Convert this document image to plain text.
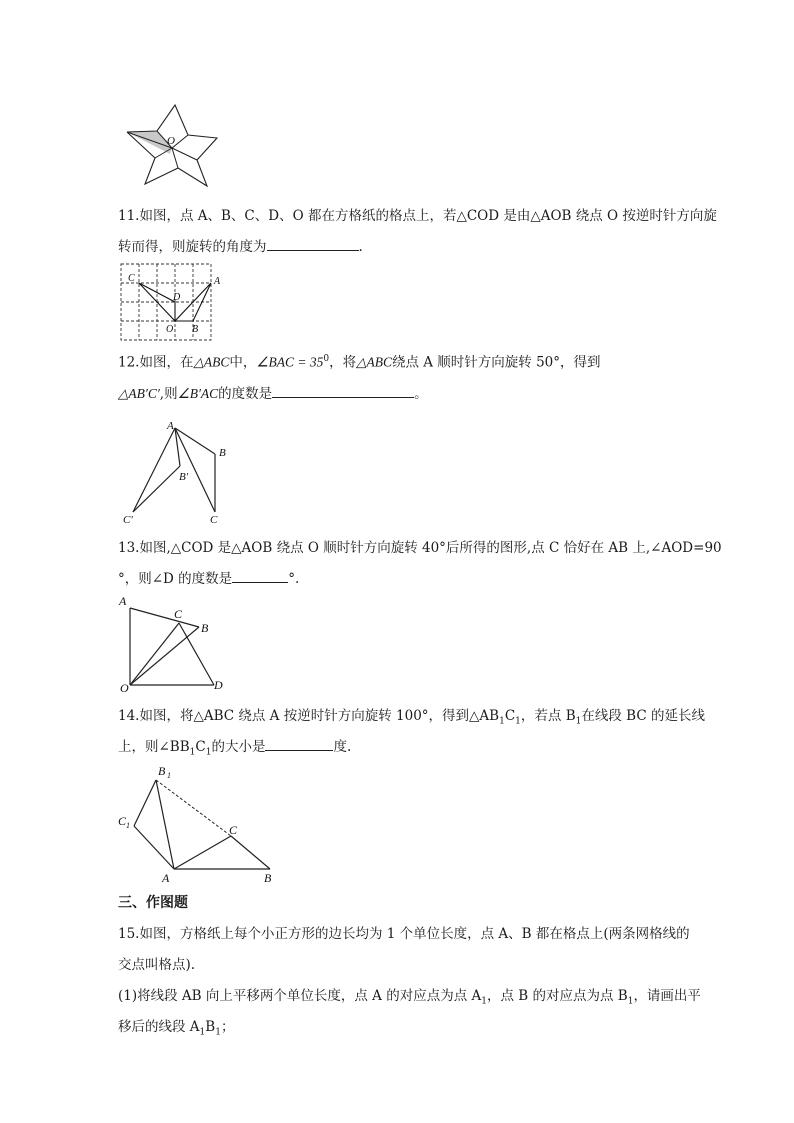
O
11.如图，点 A、B、C、D、O 都在方格纸的格点上，若△COD 是由△AOB 绕点 O 按逆时针方向旋
转而得，则旋转的角度为	.
C	A
D
O B
12.如图，在△ABC中，∠BAC = $35^0$，将△ABC绕点 A 顺时针方向旋转 50°，得到
△AB′C′,则∠B′AC的度数是	。
A
B
B'
C'	C
13.如图,△COD 是△AOB 绕点 O 顺时针方向旋转 40°后所得的图形,点 C 恰好在 AB 上,∠AOD=90
°，则∠D 的度数是	°.
A
C
B
O	D
14.如图，将△ABC 绕点 A 按逆时针方向旋转 100°，得到$\triangle AB_1C_1$，若点 $B_1$在线段 BC 的延长线
上，则$\angle BB_1C_1$的大小是	度.
B 1
C 1	C
A	B
三、作图题
15.如图，方格纸上每个小正方形的边长均为 1 个单位长度，点 A、B 都在格点上(两条网格线的
交点叫格点).
(1)将线段 AB 向上平移两个单位长度，点 A 的对应点为点 $A_1$，点 B 的对应点为点 $B_1$，请画出平
移后的线段 $A_1B_1$；
